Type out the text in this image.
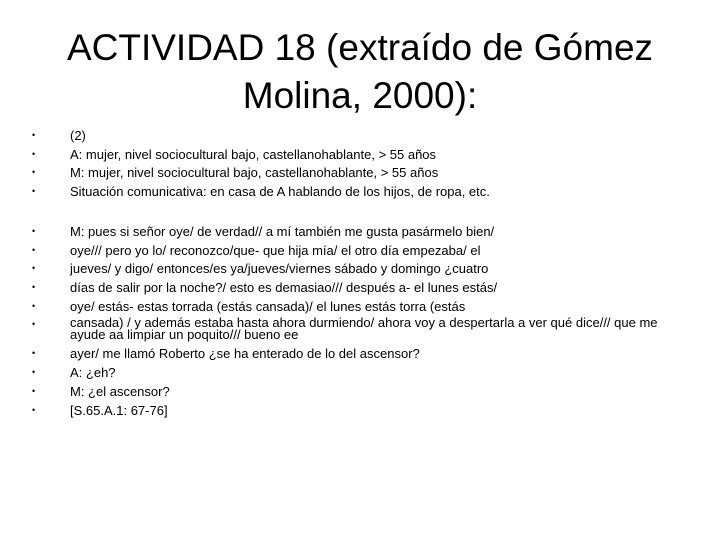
ACTIVIDAD 18 (extraído de Gómez Molina, 2000):
•	(2)
•	A: mujer, nivel sociocultural bajo, castellanohablante, > 55 años
•	M: mujer, nivel sociocultural bajo, castellanohablante, > 55 años
•	Situación comunicativa: en casa de A hablando de los hijos, de ropa, etc.
•	M: pues si señor oye/ de verdad// a mí también me gusta pasármelo bien/
•	oye/// pero yo lo/ reconozco/que- que hija mía/ el otro día empezaba/ el
•	jueves/ y digo/ entonces/es ya/jueves/viernes sábado y domingo ¿cuatro
•	días de salir por la noche?/ esto es demasiao/// después a- el lunes estás/
•	oye/ estás- estas torrada (estás cansada)/ el lunes estás torra (estás
•	cansada) / y además estaba hasta ahora durmiendo/ ahora voy a despertarla a ver qué dice/// que me ayude aa limpiar un poquito/// bueno ee
•	ayer/ me llamó Roberto ¿se ha enterado de lo del ascensor?
•	A: ¿eh?
•	M: ¿el ascensor?
•	[S.65.A.1: 67-76]
